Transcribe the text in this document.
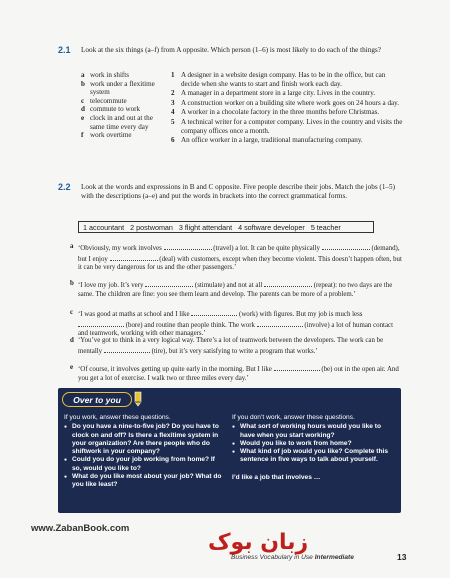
2.1 Look at the six things (a–f) from A opposite. Which person (1–6) is most likely to do each of the things?
a work in shifts
b work under a flexitime system
c telecommute
d commute to work
e clock in and out at the same time every day
f work overtime
1 A designer in a website design company. Has to be in the office, but can decide when she wants to start and finish work each day.
2 A manager in a department store in a large city. Lives in the country.
3 A construction worker on a building site where work goes on 24 hours a day.
4 A worker in a chocolate factory in the three months before Christmas.
5 A technical writer for a computer company. Lives in the country and visits the company offices once a month.
6 An office worker in a large, traditional manufacturing company.
2.2 Look at the words and expressions in B and C opposite. Five people describe their jobs. Match the jobs (1–5) with the descriptions (a–e) and put the words in brackets into the correct grammatical forms.
1 accountant 2 postwoman 3 flight attendant 4 software developer 5 teacher
a ‘Obviously, my work involves	(travel) a lot. It can be quite physically	(demand), but I enjoy	(deal) with customers, except when they become violent. This doesn’t happen often, but it can be very dangerous for us and the other passengers.’
b ‘I love my job. It’s very	(stimulate) and not at all	(repeat): no two days are the same. The children are fine: you see them learn and develop. The parents can be more of a problem.’
c ‘I was good at maths at school and I like	(work) with figures. But my job is much less  (bore) and routine than people think. The work	(involve) a lot of human contact and teamwork, working with other managers.’
d ‘You’ve got to think in a very logical way. There’s a lot of teamwork between the developers. The work can be mentally	(tire), but it’s very satisfying to write a program that works.’
e ‘Of course, it involves getting up quite early in the morning. But I like	(be) out in the open air. And you get a lot of exercise. I walk two or three miles every day.’
Over to you
If you work, answer these questions.
● Do you have a nine-to-five job? Do you have to clock on and off? Is there a flexitime system in your organization? Are there people who do shiftwork in your company?
● Could you do your job working from home? If so, would you like to?
● What do you like most about your job? What do you like least?
If you don’t work, answer these questions.
● What sort of working hours would you like to have when you start working?
● Would you like to work from home?
● What kind of job would you like? Complete this sentence in five ways to talk about yourself.
I’d like a job that involves …
www.ZabanBook.com
زبان بوک
Business Vocabulary in Use Intermediate	13
